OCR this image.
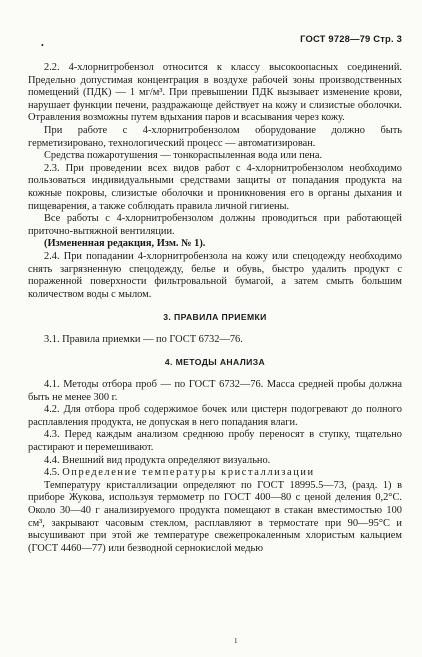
ГОСТ 9728—79 Стр. 3
•

2.2. 4-хлорнитробензол относится к классу высокоопасных соединений. Предельно допустимая концентрация в воздухе рабочей зоны производственных помещений (ПДК) — 1 мг/м³. При превышении ПДК вызывает изменение крови, нарушает функции печени, раздражающе действует на кожу и слизистые оболочки. Отравления возможны путем вдыхания паров и всасывания через кожу.

При работе с 4-хлорнитробензолом оборудование должно быть герметизировано, технологический процесс — автоматизирован.

Средства пожаротушения — тонкораспыленная вода или пена.

2.3. При проведении всех видов работ с 4-хлорнитробензолом необходимо пользоваться индивидуальными средствами защиты от попадания продукта на кожные покровы, слизистые оболочки и проникновения его в органы дыхания и пищеварения, а также соблюдать правила личной гигиены.

Все работы с 4-хлорнитробензолом должны проводиться при работающей приточно-вытяжной вентиляции.

(Измененная редакция, Изм. № 1).

2.4. При попадании 4-хлорнитробензола на кожу или спецодежду необходимо снять загрязненную спецодежду, белье и обувь, быстро удалить продукт с пораженной поверхности фильтровальной бумагой, а затем смыть большим количеством воды с мылом.

3. ПРАВИЛА ПРИЕМКИ

3.1. Правила приемки — по ГОСТ 6732—76.

4. МЕТОДЫ АНАЛИЗА

4.1. Методы отбора проб — по ГОСТ 6732—76. Масса средней пробы должна быть не менее 300 г.

4.2. Для отбора проб содержимое бочек или цистерн подогревают до полного расплавления продукта, не допуская в него попадания влаги.

4.3. Перед каждым анализом среднюю пробу переносят в ступку, тщательно растирают и перемешивают.

4.4. Внешний вид продукта определяют визуально.

4.5. Определение температуры кристаллизации

Температуру кристаллизации определяют по ГОСТ 18995.5—73, (разд. 1) в приборе Жукова, используя термометр по ГОСТ 400—80 с ценой деления 0,2°С. Около 30—40 г анализируемого продукта помещают в стакан вместимостью 100 см³, закрывают часовым стеклом, расплавляют в термостате при 90—95°С и высушивают при этой же температуре свежепрокаленным хлористым кальцием (ГОСТ 4460—77) или безводной сернокислой медью

1
